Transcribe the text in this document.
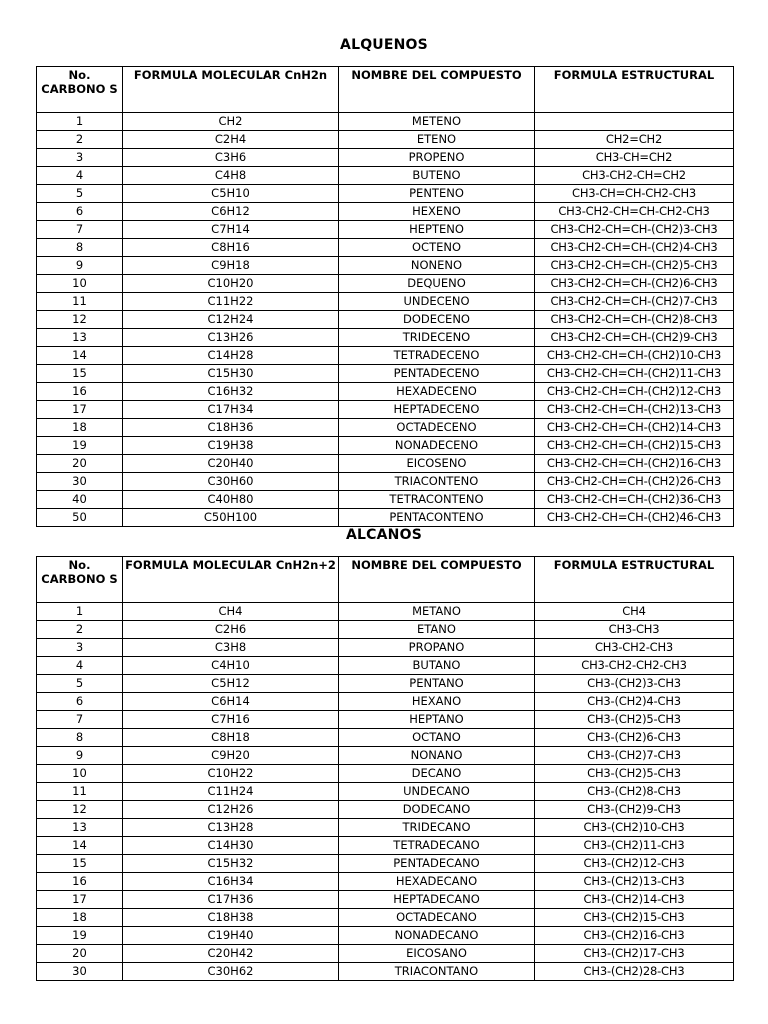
ALQUENOS
No. CARBONO S	FORMULA MOLECULAR CnH2n	NOMBRE DEL COMPUESTO	FORMULA ESTRUCTURAL
1	CH2	METENO	
2	C2H4	ETENO	CH2=CH2
3	C3H6	PROPENO	CH3-CH=CH2
4	C4H8	BUTENO	CH3-CH2-CH=CH2
5	C5H10	PENTENO	CH3-CH=CH-CH2-CH3
6	C6H12	HEXENO	CH3-CH2-CH=CH-CH2-CH3
7	C7H14	HEPTENO	CH3-CH2-CH=CH-(CH2)3-CH3
8	C8H16	OCTENO	CH3-CH2-CH=CH-(CH2)4-CH3
9	C9H18	NONENO	CH3-CH2-CH=CH-(CH2)5-CH3
10	C10H20	DEQUENO	CH3-CH2-CH=CH-(CH2)6-CH3
11	C11H22	UNDECENO	CH3-CH2-CH=CH-(CH2)7-CH3
12	C12H24	DODECENO	CH3-CH2-CH=CH-(CH2)8-CH3
13	C13H26	TRIDECENO	CH3-CH2-CH=CH-(CH2)9-CH3
14	C14H28	TETRADECENO	CH3-CH2-CH=CH-(CH2)10-CH3
15	C15H30	PENTADECENO	CH3-CH2-CH=CH-(CH2)11-CH3
16	C16H32	HEXADECENO	CH3-CH2-CH=CH-(CH2)12-CH3
17	C17H34	HEPTADECENO	CH3-CH2-CH=CH-(CH2)13-CH3
18	C18H36	OCTADECENO	CH3-CH2-CH=CH-(CH2)14-CH3
19	C19H38	NONADECENO	CH3-CH2-CH=CH-(CH2)15-CH3
20	C20H40	EICOSENO	CH3-CH2-CH=CH-(CH2)16-CH3
30	C30H60	TRIACONTENO	CH3-CH2-CH=CH-(CH2)26-CH3
40	C40H80	TETRACONTENO	CH3-CH2-CH=CH-(CH2)36-CH3
50	C50H100	PENTACONTENO	CH3-CH2-CH=CH-(CH2)46-CH3
ALCANOS
No. CARBONO S	FORMULA MOLECULAR CnH2n+2	NOMBRE DEL COMPUESTO	FORMULA ESTRUCTURAL
1	CH4	METANO	CH4
2	C2H6	ETANO	CH3-CH3
3	C3H8	PROPANO	CH3-CH2-CH3
4	C4H10	BUTANO	CH3-CH2-CH2-CH3
5	C5H12	PENTANO	CH3-(CH2)3-CH3
6	C6H14	HEXANO	CH3-(CH2)4-CH3
7	C7H16	HEPTANO	CH3-(CH2)5-CH3
8	C8H18	OCTANO	CH3-(CH2)6-CH3
9	C9H20	NONANO	CH3-(CH2)7-CH3
10	C10H22	DECANO	CH3-(CH2)5-CH3
11	C11H24	UNDECANO	CH3-(CH2)8-CH3
12	C12H26	DODECANO	CH3-(CH2)9-CH3
13	C13H28	TRIDECANO	CH3-(CH2)10-CH3
14	C14H30	TETRADECANO	CH3-(CH2)11-CH3
15	C15H32	PENTADECANO	CH3-(CH2)12-CH3
16	C16H34	HEXADECANO	CH3-(CH2)13-CH3
17	C17H36	HEPTADECANO	CH3-(CH2)14-CH3
18	C18H38	OCTADECANO	CH3-(CH2)15-CH3
19	C19H40	NONADECANO	CH3-(CH2)16-CH3
20	C20H42	EICOSANO	CH3-(CH2)17-CH3
30	C30H62	TRIACONTANO	CH3-(CH2)28-CH3
